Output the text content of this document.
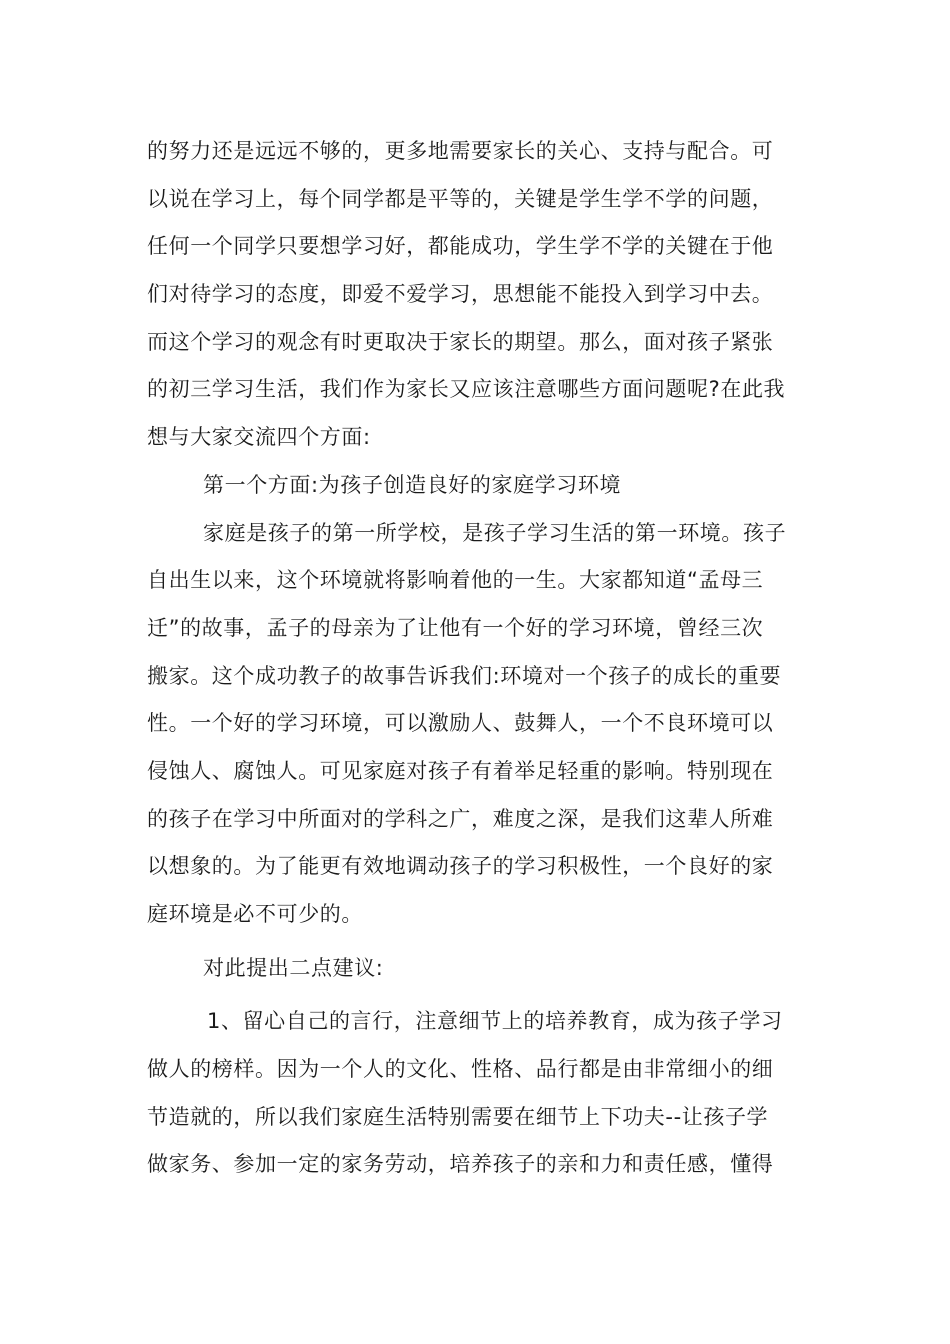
的努力还是远远不够的，更多地需要家长的关心、支持与配合。可
以说在学习上，每个同学都是平等的，关键是学生学不学的问题，
任何一个同学只要想学习好，都能成功，学生学不学的关键在于他
们对待学习的态度，即爱不爱学习，思想能不能投入到学习中去。
而这个学习的观念有时更取决于家长的期望。那么，面对孩子紧张
的初三学习生活，我们作为家长又应该注意哪些方面问题呢?在此我
想与大家交流四个方面:
第一个方面:为孩子创造良好的家庭学习环境
家庭是孩子的第一所学校，是孩子学习生活的第一环境。孩子
自出生以来，这个环境就将影响着他的一生。大家都知道“孟母三
迁”的故事，孟子的母亲为了让他有一个好的学习环境，曾经三次
搬家。这个成功教子的故事告诉我们:环境对一个孩子的成长的重要
性。一个好的学习环境，可以激励人、鼓舞人，一个不良环境可以
侵蚀人、腐蚀人。可见家庭对孩子有着举足轻重的影响。特别现在
的孩子在学习中所面对的学科之广，难度之深，是我们这辈人所难
以想象的。为了能更有效地调动孩子的学习积极性，一个良好的家
庭环境是必不可少的。
对此提出二点建议:
1、留心自己的言行，注意细节上的培养教育，成为孩子学习
做人的榜样。因为一个人的文化、性格、品行都是由非常细小的细
节造就的，所以我们家庭生活特别需要在细节上下功夫--让孩子学
做家务、参加一定的家务劳动，培养孩子的亲和力和责任感，懂得
